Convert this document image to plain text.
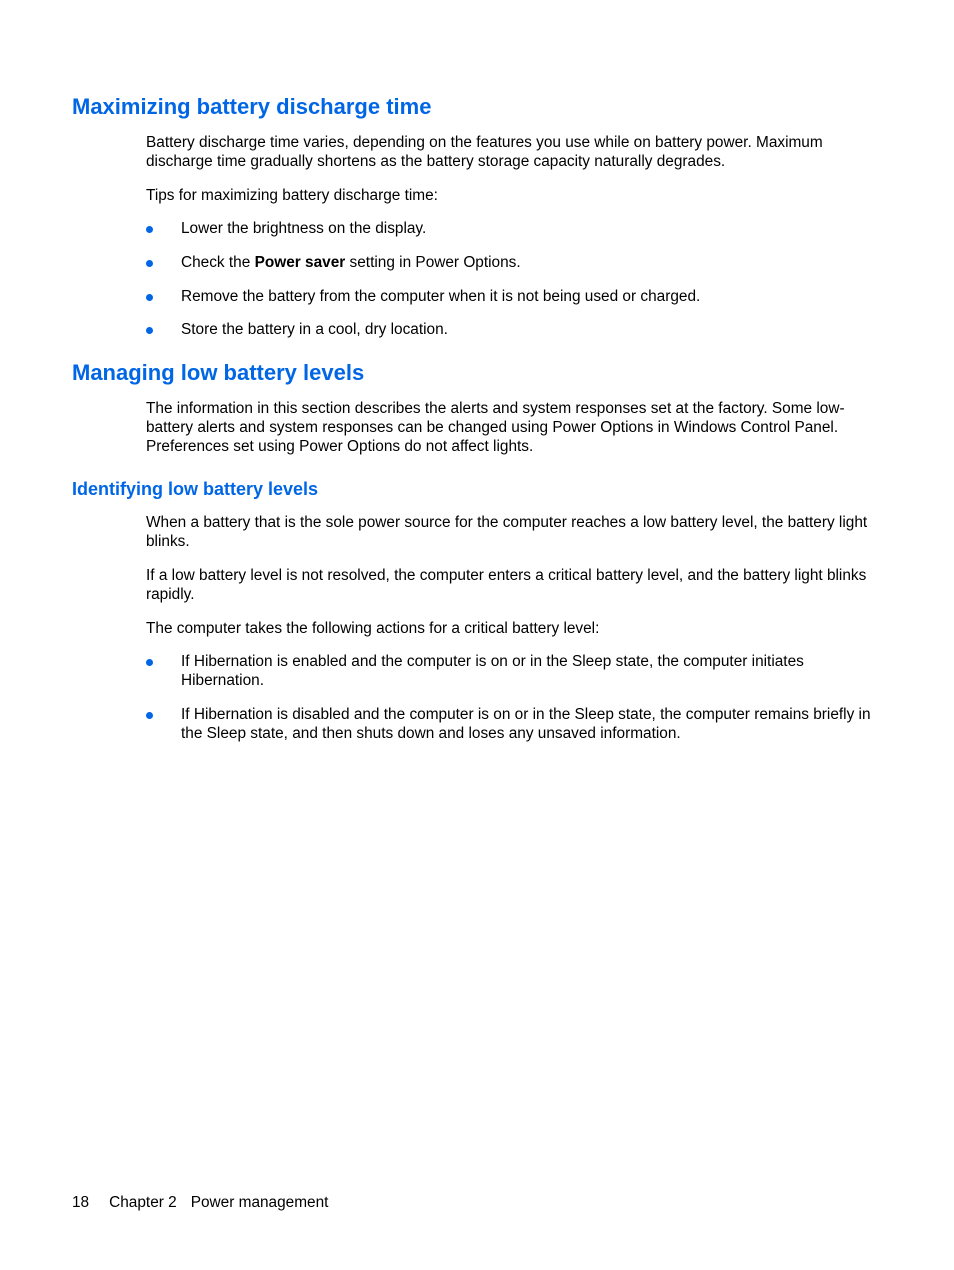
Maximizing battery discharge time

Battery discharge time varies, depending on the features you use while on battery power. Maximum discharge time gradually shortens as the battery storage capacity naturally degrades.

Tips for maximizing battery discharge time:

Lower the brightness on the display.
Check the Power saver setting in Power Options.
Remove the battery from the computer when it is not being used or charged.
Store the battery in a cool, dry location.
Managing low battery levels

The information in this section describes the alerts and system responses set at the factory. Some low-battery alerts and system responses can be changed using Power Options in Windows Control Panel. Preferences set using Power Options do not affect lights.

Identifying low battery levels

When a battery that is the sole power source for the computer reaches a low battery level, the battery light blinks.

If a low battery level is not resolved, the computer enters a critical battery level, and the battery light blinks rapidly.

The computer takes the following actions for a critical battery level:

If Hibernation is enabled and the computer is on or in the Sleep state, the computer initiates Hibernation.
If Hibernation is disabled and the computer is on or in the Sleep state, the computer remains briefly in the Sleep state, and then shuts down and loses any unsaved information.
18 Chapter 2 Power management
